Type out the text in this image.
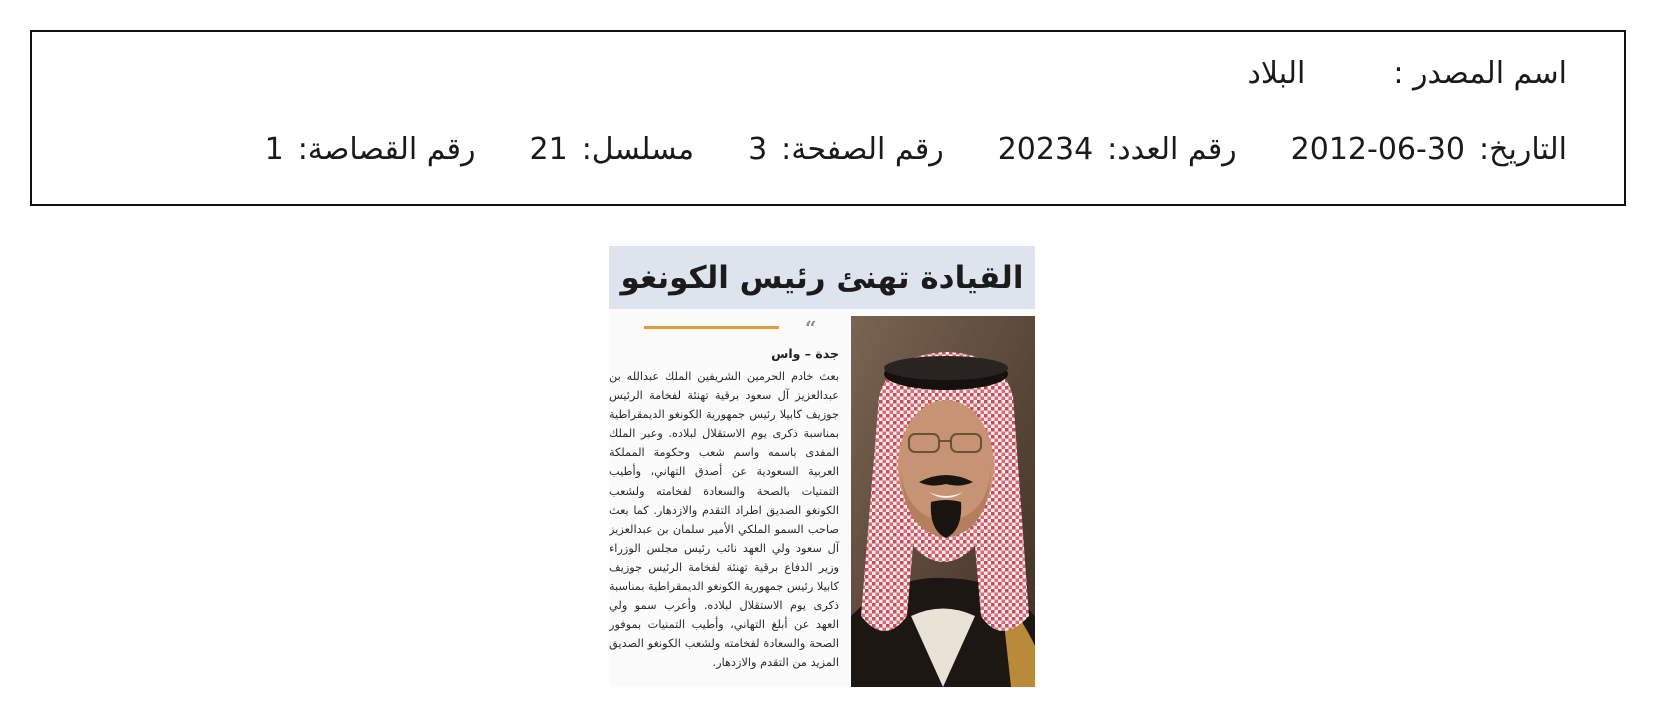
اسم المصدر :
البلاد
التاريخ:
2012-06-30
رقم العدد:
20234
رقم الصفحة:
3
مسلسل:
21
رقم القصاصة:
1
القيادة تهنئ رئيس الكونغو
“
جدة – واس

بعث خادم الحرمين الشريفين الملك عبدالله بن عبدالعزيز آل سعود برقية تهنئة لفخامة الرئيس جوزيف كابيلا رئيس جمهورية الكونغو الديمقراطية بمناسبة ذكرى يوم الاستقلال لبلاده. وعبر الملك المفدى باسمه واسم شعب وحكومة المملكة العربية السعودية عن أصدق التهاني، وأطيب التمنيات بالصحة والسعادة لفخامته ولشعب الكونغو الصديق اطراد التقدم والازدهار. كما بعث صاحب السمو الملكي الأمير سلمان بن عبدالعزيز آل سعود ولي العهد نائب رئيس مجلس الوزراء وزير الدفاع برقية تهنئة لفخامة الرئيس جوزيف كابيلا رئيس جمهورية الكونغو الديمقراطية بمناسبة ذكرى يوم الاستقلال لبلاده. وأعرب سمو ولي العهد عن أبلغ التهاني، وأطيب التمنيات بموفور الصحة والسعادة لفخامته ولشعب الكونغو الصديق المزيد من التقدم والازدهار.
